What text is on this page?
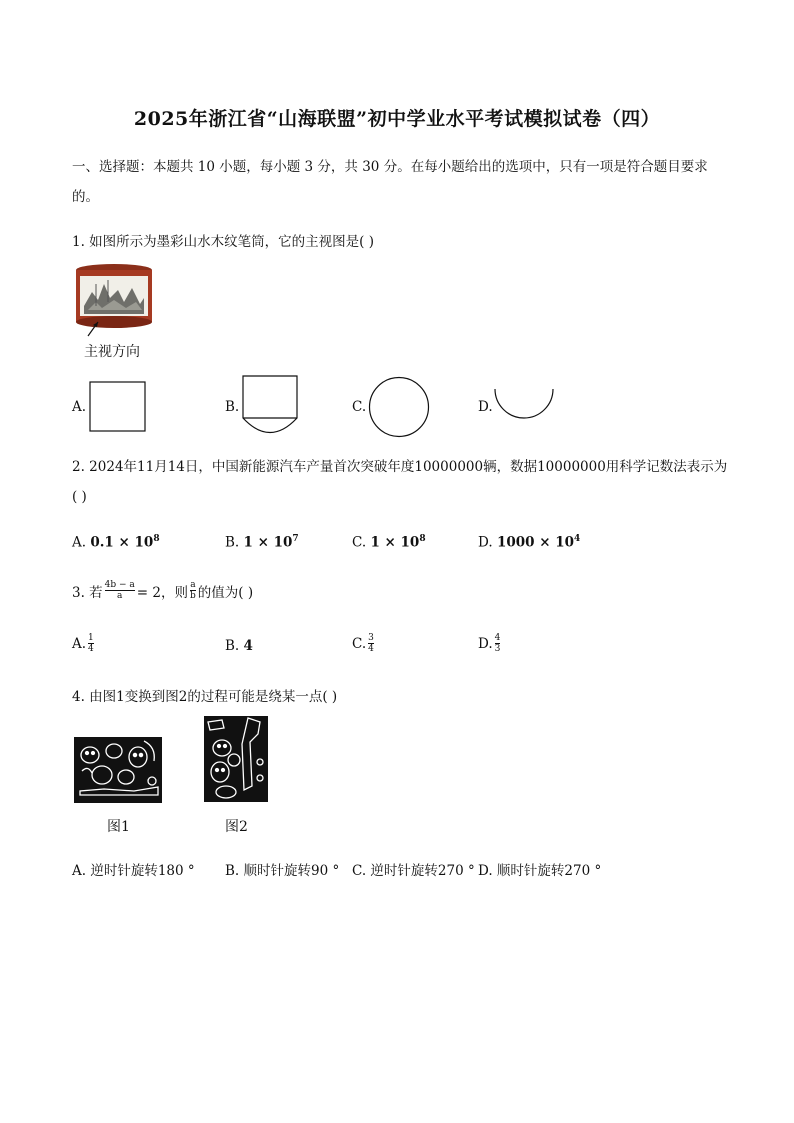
2025年浙江省“山海联盟”初中学业水平考试模拟试卷（四）
一、选择题：本题共 10 小题，每小题 3 分，共 30 分。在每小题给出的选项中，只有一项是符合题目要求
的。
1. 如图所示为墨彩山水木纹笔筒，它的主视图是( )
主视方向
A.	B.	C.	D.
2. 2024年11月14日，中国新能源汽车产量首次突破年度10000000辆，数据10000000用科学记数法表示为
( )
A. $0.1 \times 10^8$	B. $1 \times 10^7$	C. $1 \times 10^8$	D. $1000 \times 10^4$
3. 若 $\frac{4b - a}{a} = 2$，则 $\frac{a}{b}$ 的值为( )
A. $\frac{1}{4}$	B. 4	C. $\frac{3}{4}$	D. $\frac{4}{3}$
4. 由图1变换到图2的过程可能是绕某一点( )
图1	图2
A. 逆时针旋转180 ° B. 顺时针旋转90 ° C. 逆时针旋转270 ° D. 顺时针旋转270 °
